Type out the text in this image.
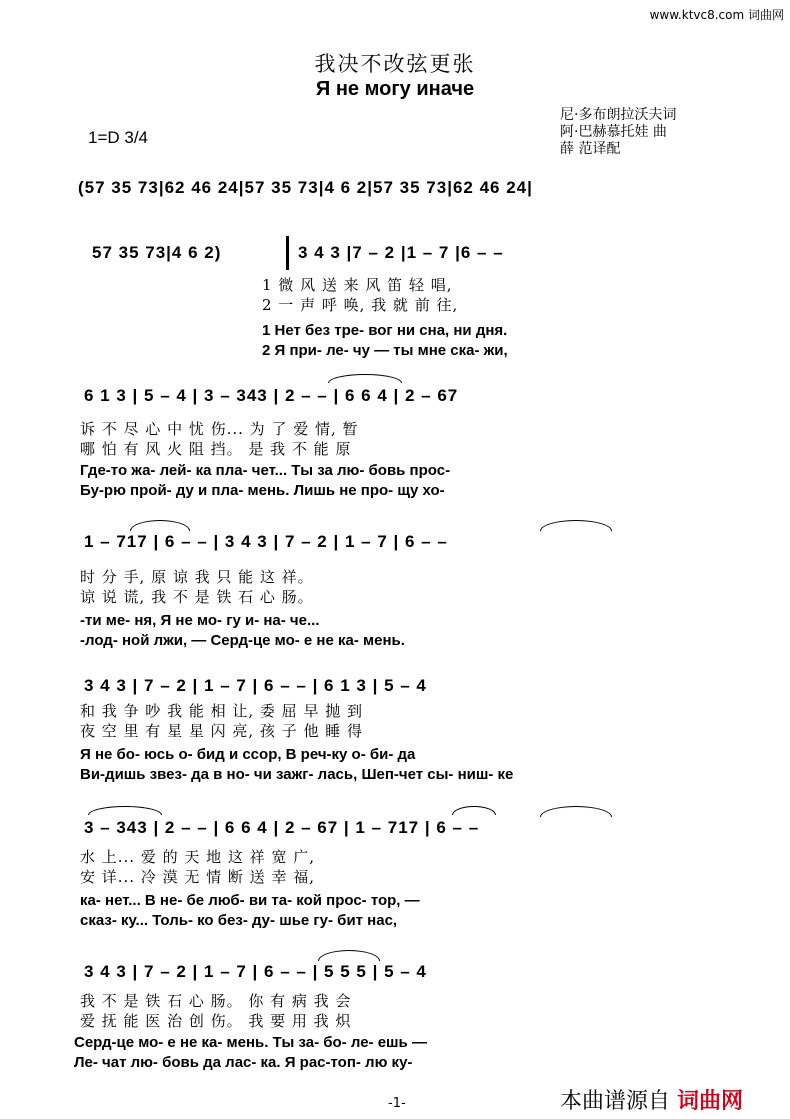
www.ktvc8.com 词曲网
我决不改弦更张
Я не могу иначе
尼·多布朗拉沃夫词
阿·巴赫慕托娃 曲
薛 范译配
1=D 3/4
(57 35 73|62 46 24|57 35 73|4 6 2|57 35 73|62 46 24|
57 35 73|4 6 2)	3 4 3 |7 – 2 |1 – 7 |6 – –
1 微 风 送 来 风 笛 轻 唱,
2 一 声 呼 唤, 我 就 前 往,
1 Нет без тре- вог ни сна, ни дня.
2 Я при- ле- чу — ты мне ска- жи,
6 1 3 | 5 – 4 | 3 – 343 | 2 – – | 6 6 4 | 2 – 67
诉 不 尽 心 中 忧 伤... 为 了 爱 情, 暂
哪 怕 有 风 火 阻 挡。 是 我 不 能 原
Где-то жа- лей- ка пла- чет... Ты за лю- бовь прос-
Бу-рю прой- ду и пла- мень. Лишь не про- щу хо-
1 – 717 | 6 – – | 3 4 3 | 7 – 2 | 1 – 7 | 6 – –
时 分 手, 原 谅 我 只 能 这 祥。
谅 说 谎, 我 不 是 铁 石 心 肠。
-ти ме- ня, Я не мо- гу и- на- че...
-лод- ной лжи, — Серд-це мо- е не ка- мень.
3 4 3 | 7 – 2 | 1 – 7 | 6 – – | 6 1 3 | 5 – 4
和 我 争 吵 我 能 相 让, 委 屈 早 抛 到
夜 空 里 有 星 星 闪 亮, 孩 子 他 睡 得
Я не бо- юсь о- бид и ссор, В реч-ку о- би- да
Ви-дишь звез- да в но- чи зажг- лась, Шеп-чет сы- ниш- ке
3 – 343 | 2 – – | 6 6 4 | 2 – 67 | 1 – 717 | 6 – –
水 上... 爱 的 天 地 这 祥 宽 广,
安 详... 冷 漠 无 情 断 送 幸 福,
ка- нет... В не- бе люб- ви та- кой прос- тор, —
сказ- ку... Толь- ко без- ду- шье гу- бит нас,
3 4 3 | 7 – 2 | 1 – 7 | 6 – – | 5 5 5 | 5 – 4
我 不 是 铁 石 心 肠。 你 有 病 我 会
爱 抚 能 医 治 创 伤。 我 要 用 我 炽
Серд-це мо- е не ка- мень. Ты за- бо- ле- ешь —
Ле- чат лю- бовь да лас- ка. Я рас-топ- лю ку-
-1-	本曲谱源自 词曲网
